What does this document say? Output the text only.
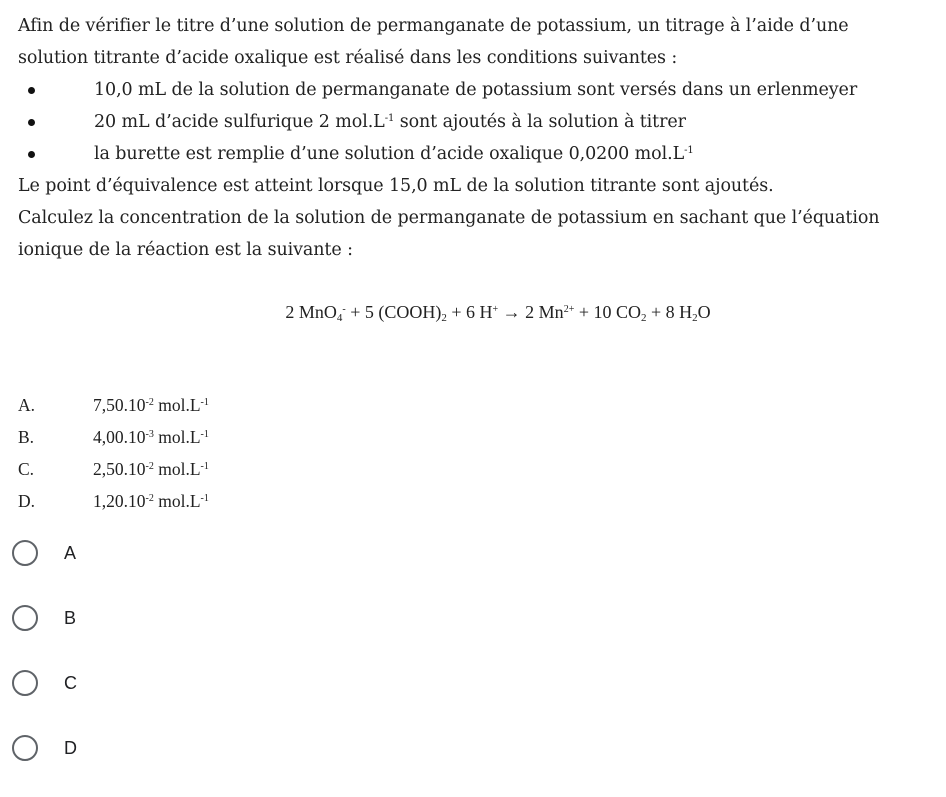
Afin de vérifier le titre d’une solution de permanganate de potassium, un titrage à l’aide d’une
solution titrante d’acide oxalique est réalisé dans les conditions suivantes :
10,0 mL de la solution de permanganate de potassium sont versés dans un erlenmeyer
20 mL d’acide sulfurique 2 $mol.L^{-1}$ sont ajoutés à la solution à titrer
la burette est remplie d’une solution d’acide oxalique 0,0200 $mol.L^{-1}$
Le point d’équivalence est atteint lorsque 15,0 mL de la solution titrante sont ajoutés.
Calculez la concentration de la solution de permanganate de potassium en sachant que l’équation
ionique de la réaction est la suivante :
2 MnO$_4$- + 5 $(COOH)_2 + 6$ H+ → 2 $Mn^{2+} + 10$ $CO_2 + 8$ $H_2O$
A.	$7,50.10^{-2}$ $mol.L^{-1}$
B.	$4,00.10^{-3}$ $mol.L^{-1}$
C.	$2,50.10^{-2}$ $mol.L^{-1}$
D.	$1,20.10^{-2}$ $mol.L^{-1}$
A
B
C
D
